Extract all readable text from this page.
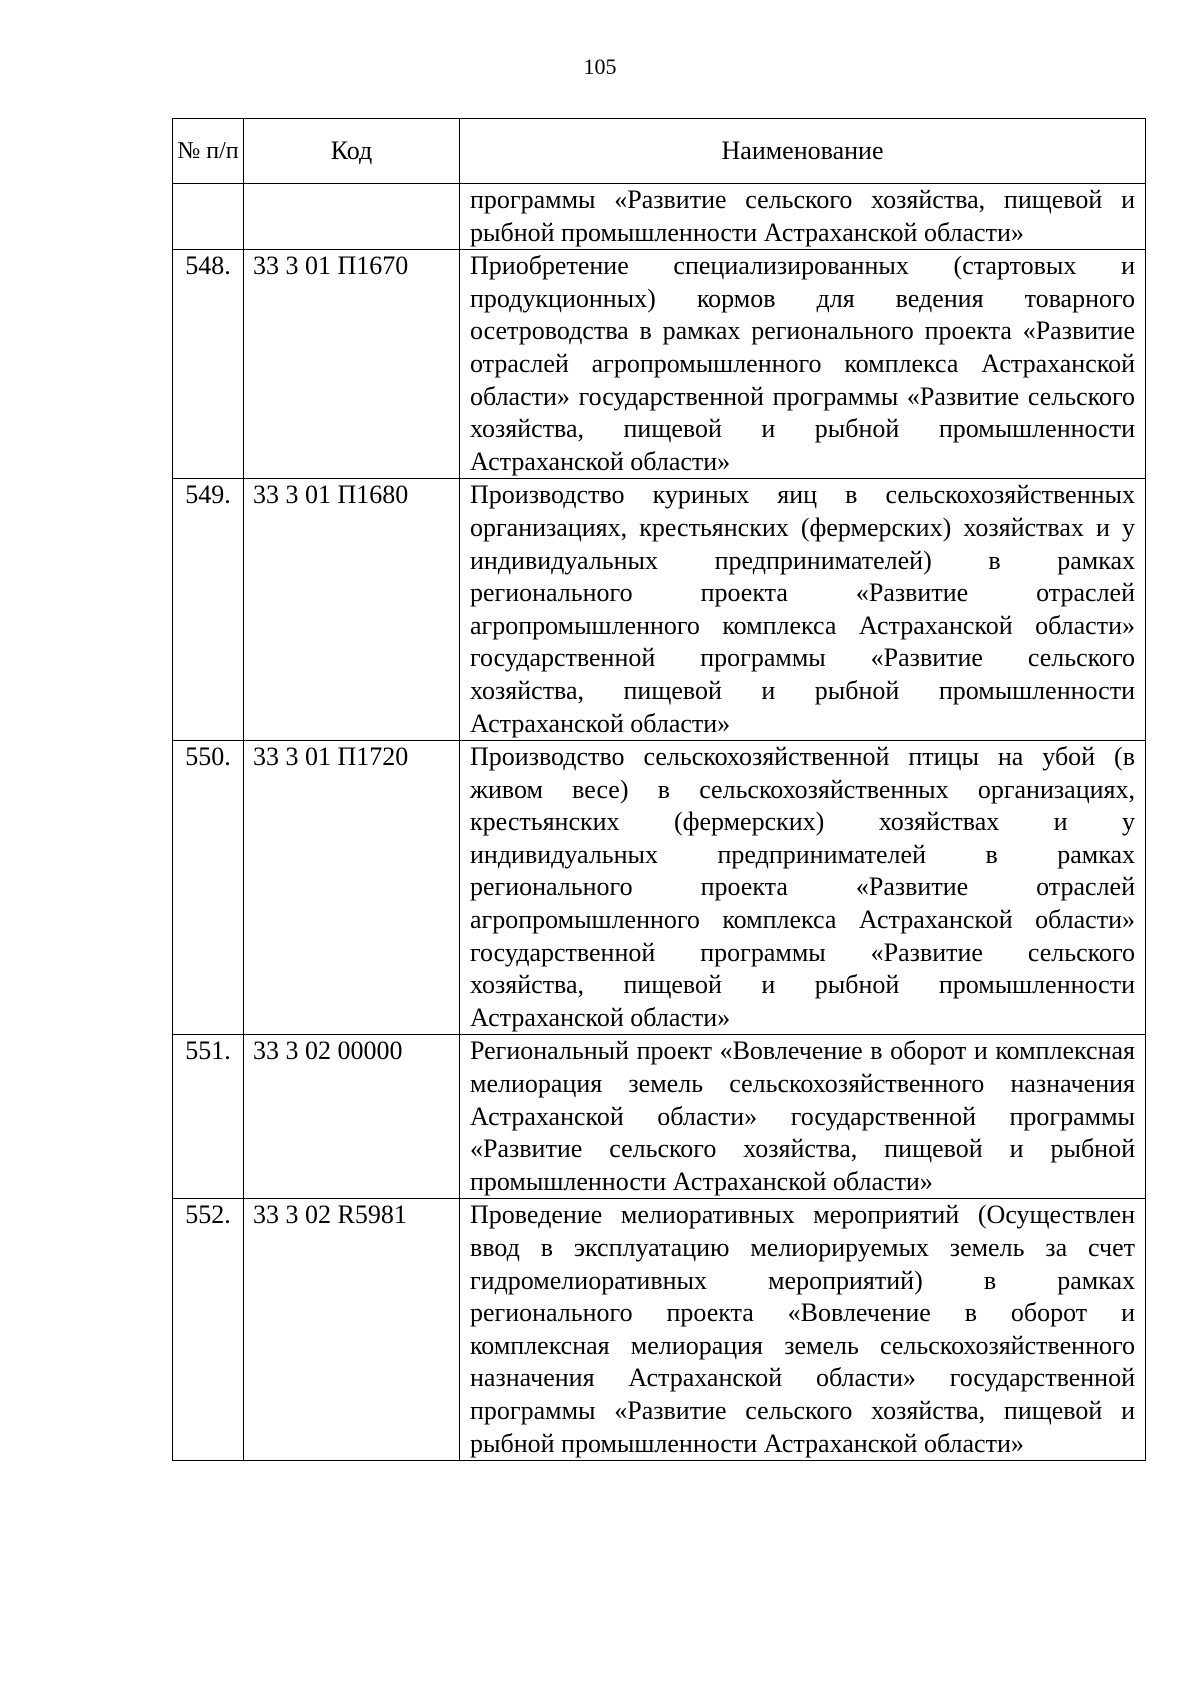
105
№ п/п	Код	Наименование
		программы «Развитие сельского хозяйства, пищевой и рыбной промышленности Астраханской области»
548.	33 3 01 П1670	Приобретение специализированных (стартовых и продукционных) кормов для ведения товарного осетроводства в рамках регионального проекта «Развитие отраслей агропромышленного комплекса Астраханской области» государственной программы «Развитие сельского хозяйства, пищевой и рыбной промышленности Астраханской области»
549.	33 3 01 П1680	Производство куриных яиц в сельскохозяйственных организациях, крестьянских (фермерских) хозяйствах и у индивидуальных предпринимателей) в рамках регионального проекта «Развитие отраслей агропромышленного комплекса Астраханской области» государственной программы «Развитие сельского хозяйства, пищевой и рыбной промышленности Астраханской области»
550.	33 3 01 П1720	Производство сельскохозяйственной птицы на убой (в живом весе) в сельскохозяйственных организациях, крестьянских (фермерских) хозяйствах и у индивидуальных предпринимателей в рамках регионального проекта «Развитие отраслей агропромышленного комплекса Астраханской области» государственной программы «Развитие сельского хозяйства, пищевой и рыбной промышленности Астраханской области»
551.	33 3 02 00000	Региональный проект «Вовлечение в оборот и комплексная мелиорация земель сельскохозяйственного назначения Астраханской области» государственной программы «Развитие сельского хозяйства, пищевой и рыбной промышленности Астраханской области»
552.	33 3 02 R5981	Проведение мелиоративных мероприятий (Осуществлен ввод в эксплуатацию мелиорируемых земель за счет гидромелиоративных мероприятий) в рамках регионального проекта «Вовлечение в оборот и комплексная мелиорация земель сельскохозяйственного назначения Астраханской области» государственной программы «Развитие сельского хозяйства, пищевой и рыбной промышленности Астраханской области»
